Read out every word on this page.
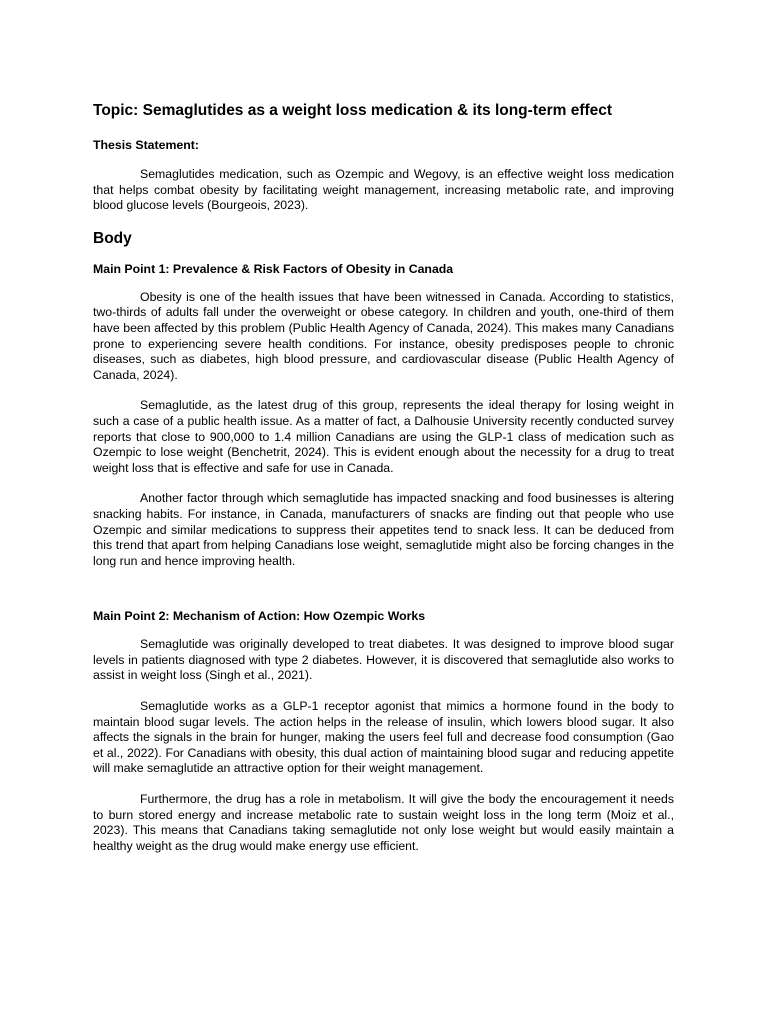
Topic: Semaglutides as a weight loss medication & its long-term effect
Thesis Statement:

Semaglutides medication, such as Ozempic and Wegovy, is an effective weight loss medication that helps combat obesity by facilitating weight management, increasing metabolic rate, and improving blood glucose levels (Bourgeois, 2023).

Body
Main Point 1: Prevalence & Risk Factors of Obesity in Canada

Obesity is one of the health issues that have been witnessed in Canada. According to statistics, two-thirds of adults fall under the overweight or obese category. In children and youth, one-third of them have been affected by this problem (Public Health Agency of Canada, 2024). This makes many Canadians prone to experiencing severe health conditions. For instance, obesity predisposes people to chronic diseases, such as diabetes, high blood pressure, and cardiovascular disease (Public Health Agency of Canada, 2024).

Semaglutide, as the latest drug of this group, represents the ideal therapy for losing weight in such a case of a public health issue. As a matter of fact, a Dalhousie University recently conducted survey reports that close to 900,000 to 1.4 million Canadians are using the GLP-1 class of medication such as Ozempic to lose weight (Benchetrit, 2024). This is evident enough about the necessity for a drug to treat weight loss that is effective and safe for use in Canada.

Another factor through which semaglutide has impacted snacking and food businesses is altering snacking habits. For instance, in Canada, manufacturers of snacks are finding out that people who use Ozempic and similar medications to suppress their appetites tend to snack less. It can be deduced from this trend that apart from helping Canadians lose weight, semaglutide might also be forcing changes in the long run and hence improving health.

Main Point 2: Mechanism of Action: How Ozempic Works

Semaglutide was originally developed to treat diabetes. It was designed to improve blood sugar levels in patients diagnosed with type 2 diabetes. However, it is discovered that semaglutide also works to assist in weight loss (Singh et al., 2021).

Semaglutide works as a GLP-1 receptor agonist that mimics a hormone found in the body to maintain blood sugar levels. The action helps in the release of insulin, which lowers blood sugar. It also affects the signals in the brain for hunger, making the users feel full and decrease food consumption (Gao et al., 2022). For Canadians with obesity, this dual action of maintaining blood sugar and reducing appetite will make semaglutide an attractive option for their weight management.

Furthermore, the drug has a role in metabolism. It will give the body the encouragement it needs to burn stored energy and increase metabolic rate to sustain weight loss in the long term (Moiz et al., 2023). This means that Canadians taking semaglutide not only lose weight but would easily maintain a healthy weight as the drug would make energy use efficient.
